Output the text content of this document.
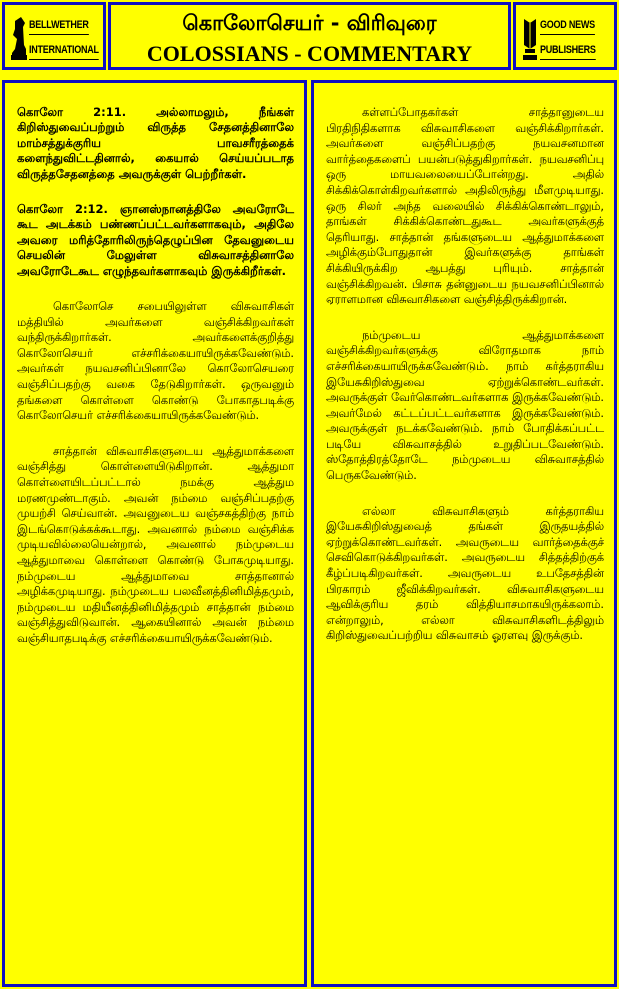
BELLWETHER
INTERNATIONAL
கொலோசெயர் - விரிவுரை
COLOSSIANS - COMMENTARY
GOOD NEWS
PUBLISHERS

கொலோ 2:11. அல்லாமலும், நீங்கள் கிறிஸ்துவைப்பற்றும் விருத்த சேதனத்தினாலே மாம்சத்துக்குரிய பாவசரீரத்தைக் களைந்துவிட்டதினால், கையால் செய்யப்படாத விருத்தசேதனத்தை அவருக்குள் பெற்றீர்கள்.

கொலோ 2:12. ஞானஸ்நானத்திலே அவரோடே கூட அடக்கம் பண்ணப்பட்டவர்களாகவும், அதிலே அவரை மரித்தோரிலிருந்தெழுப்பின தேவனுடைய செயலின் மேலுள்ள விசுவாசத்தினாலே அவரோடேகூட எழுந்தவர்களாகவும் இருக்கிறீர்கள்.

கொலோசெ சபையிலுள்ள விசுவாசிகள் மத்தியில் அவர்களை வஞ்சிக்கிறவர்கள் வந்திருக்கிறார்கள். அவர்களைக்குறித்து கொலோசெயர் எச்சரிக்கையாயிருக்கவேண்டும். அவர்கள் நயவசனிப்பினாலே கொலோசெயரை வஞ்சிப்பதற்கு வகை தேடுகிறார்கள். ஒருவனும் தங்களை கொள்ளை கொண்டு போகாதபடிக்கு கொலோசெயர் எச்சரிக்கையாயிருக்கவேண்டும்.

சாத்தான் விசுவாசிகளுடைய ஆத்துமாக்களை வஞ்சித்து கொள்ளையிடுகிறான். ஆத்துமா கொள்ளையிடப்பட்டால் நமக்கு ஆத்தும மரணமுண்டாகும். அவன் நம்மை வஞ்சிப்பதற்கு முயற்சி செய்வான். அவனுடைய வஞ்சகத்திற்கு நாம் இடங்கொடுக்கக்கூடாது. அவனால் நம்மை வஞ்சிக்க முடியவில்லையென்றால், அவனால் நம்முடைய ஆத்துமாவை கொள்ளை கொண்டு போகமுடியாது. நம்முடைய ஆத்துமாவை சாத்தானால் அழிக்கமுடியாது. நம்முடைய பலவீனத்தினிமித்தமும், நம்முடைய மதியீனத்தினிமித்தமும் சாத்தான் நம்மை வஞ்சித்துவிடுவான். ஆகையினால் அவன் நம்மை வஞ்சியாதபடிக்கு எச்சரிக்கையாயிருக்கவேண்டும்.

கள்ளப்போதகர்கள் சாத்தானுடைய பிரதிநிதிகளாக விசுவாசிகளை வஞ்சிக்கிறார்கள். அவர்களை வஞ்சிப்பதற்கு நயவசனமான வார்த்தைகளைப் பயன்படுத்துகிறார்கள். நயவசனிப்பு ஒரு மாயவலையைப்போன்றது. அதில் சிக்கிக்கொள்கிறவர்களால் அதிலிருந்து மீளமுடியாது. ஒரு சிலர் அந்த வலையில் சிக்கிக்கொண்டாலும், தாங்கள் சிக்கிக்கொண்டதுகூட அவர்களுக்குத் தெரியாது. சாத்தான் தங்களுடைய ஆத்துமாக்களை அழிக்கும்போதுதான் இவர்களுக்கு தாங்கள் சிக்கியிருக்கிற ஆபத்து புரியும். சாத்தான் வஞ்சிக்கிறவன். பிசாசு தன்னுடைய நயவசனிப்பினால் ஏராளமான விசுவாசிகளை வஞ்சித்திருக்கிறான்.

நம்முடைய ஆத்துமாக்களை வஞ்சிக்கிறவர்களுக்கு விரோதமாக நாம் எச்சரிக்கையாயிருக்கவேண்டும். நாம் கர்த்தராகிய இயேசுகிறிஸ்துவை ஏற்றுக்கொண்டவர்கள். அவருக்குள் வேர்கொண்டவர்களாக இருக்கவேண்டும். அவர்மேல் கட்டப்பட்டவர்களாக இருக்கவேண்டும். அவருக்குள் நடக்கவேண்டும். நாம் போதிக்கப்பட்ட படியே விசுவாசத்தில் உறுதிப்படவேண்டும். ஸ்தோத்திரத்தோடே நம்முடைய விசுவாசத்தில் பெருகவேண்டும்.

எல்லா விசுவாசிகளும் கர்த்தராகிய இயேசுகிறிஸ்துவைத் தங்கள் இருதயத்தில் ஏற்றுக்கொண்டவர்கள். அவருடைய வார்த்தைக்குச் செவிகொடுக்கிறவர்கள். அவருடைய சித்தத்திற்குக் கீழ்ப்படிகிறவர்கள். அவருடைய உபதேசத்தின் பிரகாரம் ஜீவிக்கிறவர்கள். விசுவாசிகளுடைய ஆவிக்குரிய தரம் வித்தியாசமாகயிருக்கலாம். என்றாலும், எல்லா விசுவாசிகளிடத்திலும் கிறிஸ்துவைப்பற்றிய விசுவாசம் ஓரளவு இருக்கும்.
